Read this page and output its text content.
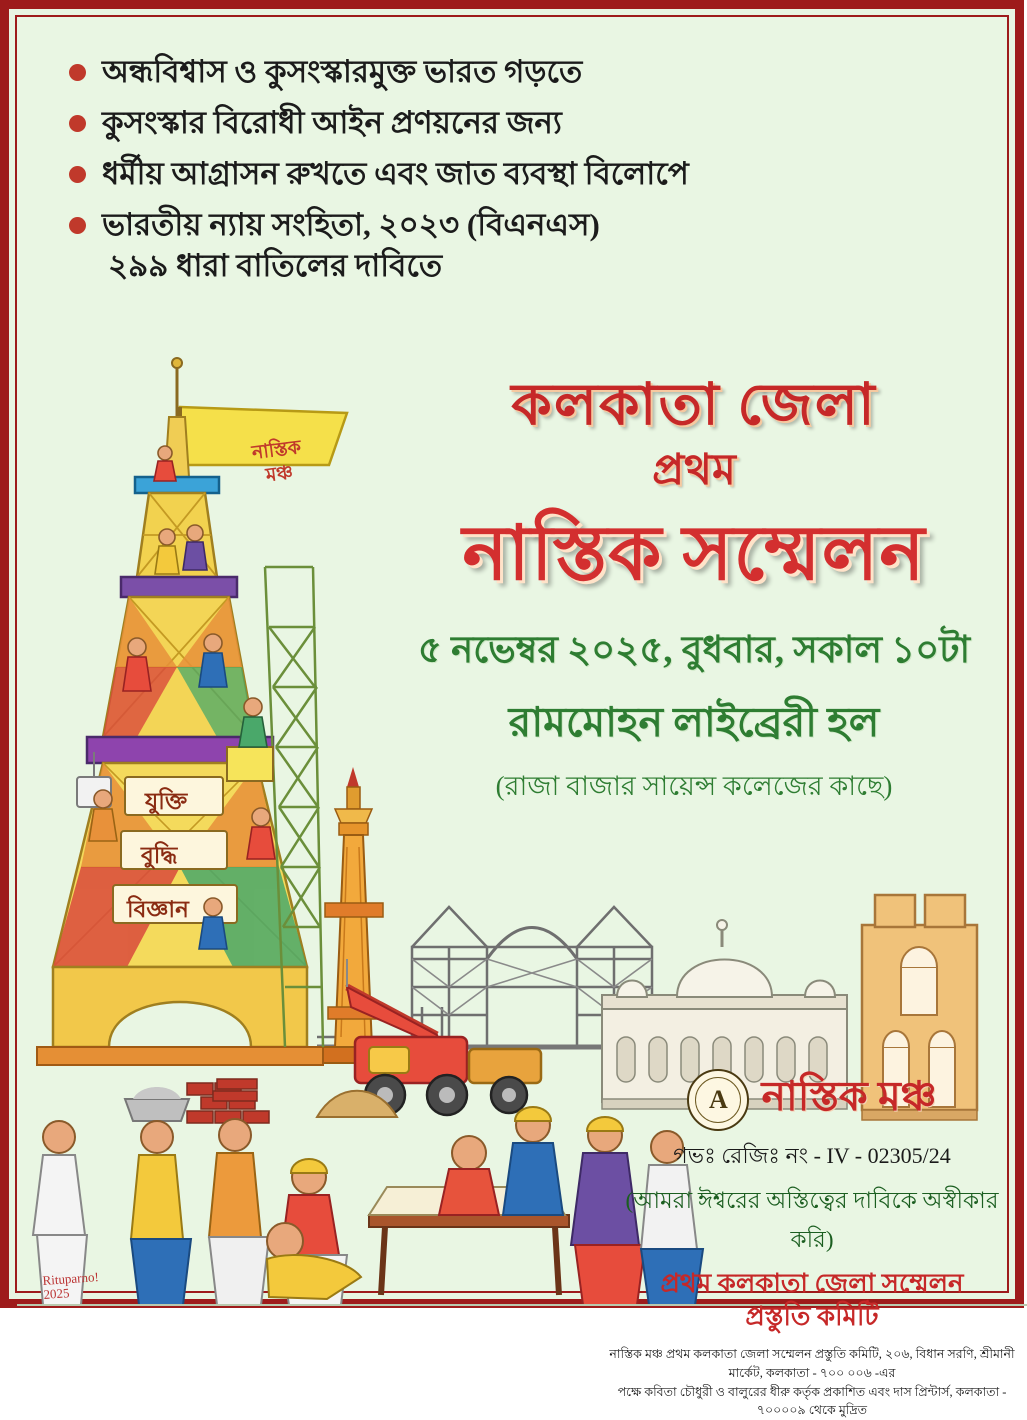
অন্ধবিশ্বাস ও কুসংস্কারমুক্ত ভারত গড়তে
কুসংস্কার বিরোধী আইন প্রণয়নের জন্য
ধর্মীয় আগ্রাসন রুখতে এবং জাত ব্যবস্থা বিলোপে
ভারতীয় ন্যায় সংহিতা, ২০২৩ (বিএনএস)
২৯৯ ধারা বাতিলের দাবিতে
নাস্তিক
মঞ্চ
যুক্তি
বুদ্ধি
বিজ্ঞান
Rituparno!
2025
কলকাতা জেলা
প্রথম
নাস্তিক সম্মেলন
৫ নভেম্বর ২০২৫, বুধবার, সকাল ১০টা
রামমোহন লাইব্রেরী হল
(রাজা বাজার সায়েন্স কলেজের কাছে)
A নাস্তিক মঞ্চ
গভঃ রেজিঃ নং - IV - 02305/24
(আমরা ঈশ্বরের অস্তিত্বের দাবিকে অস্বীকার করি)
প্রথম কলকাতা জেলা সম্মেলন
প্রস্তুতি কমিটি
নাস্তিক মঞ্চ প্রথম কলকাতা জেলা সম্মেলন প্রস্তুতি কমিটি, ২০৬, বিধান সরণি, শ্রীমানী মার্কেট, কলকাতা - ৭০০ ০০৬ -এর
পক্ষে কবিতা চৌধুরী ও বালুরের ধীরু কর্তৃক প্রকাশিত এবং দাস প্রিন্টার্স, কলকাতা - ৭০০০০৯ থেকে মুদ্রিত
